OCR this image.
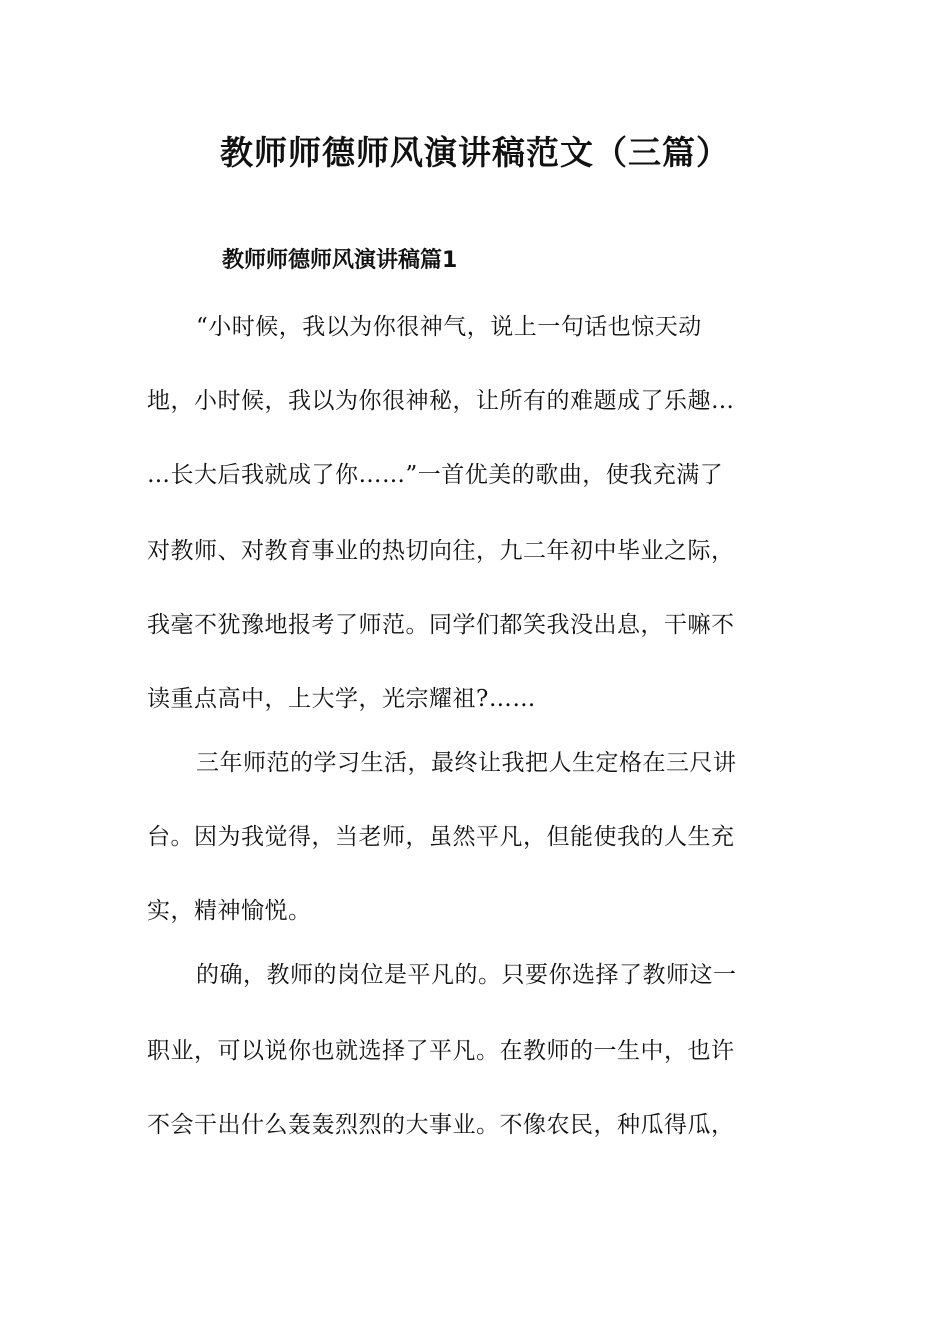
教师师德师风演讲稿范文（三篇）
教师师德师风演讲稿篇1

“小时候，我以为你很神气，说上一句话也惊天动

地，小时候，我以为你很神秘，让所有的难题成了乐趣…

…长大后我就成了你……”一首优美的歌曲，使我充满了

对教师、对教育事业的热切向往，九二年初中毕业之际，

我毫不犹豫地报考了师范。同学们都笑我没出息，干嘛不

读重点高中，上大学，光宗耀祖?……

三年师范的学习生活，最终让我把人生定格在三尺讲

台。因为我觉得，当老师，虽然平凡，但能使我的人生充

实，精神愉悦。

的确，教师的岗位是平凡的。只要你选择了教师这一

职业，可以说你也就选择了平凡。在教师的一生中，也许

不会干出什么轰轰烈烈的大事业。不像农民，种瓜得瓜，
